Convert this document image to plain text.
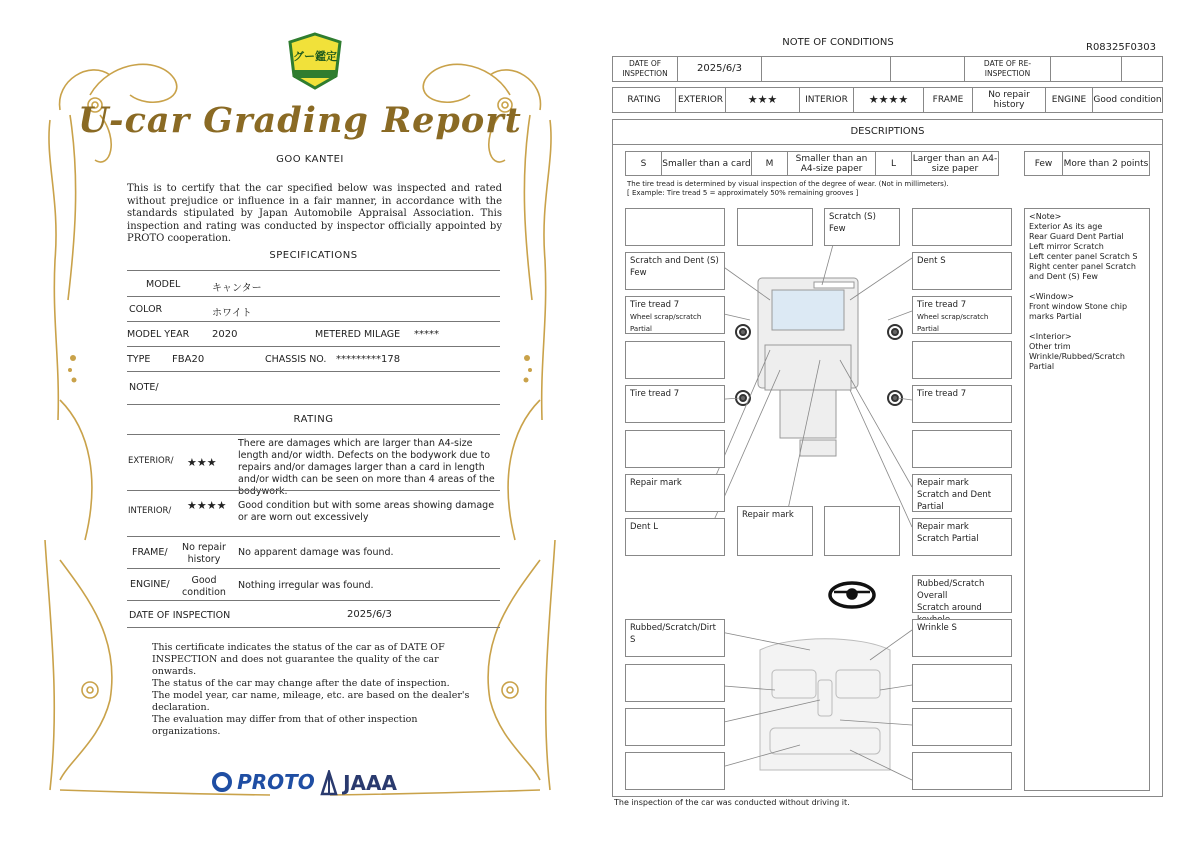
グー鑑定
U-car Grading Report
GOO KANTEI
This is to certify that the car specified below was inspected and rated without prejudice or influence in a fair manner, in accordance with the standards stipulated by Japan Automobile Appraisal Association. This inspection and rating was conducted by inspector officially appointed by PROTO cooperation.
SPECIFICATIONS
MODEL	キャンター
COLOR	ホワイト
MODEL YEAR 2020	METERED MILAGE *****
TYPE FBA20	CHASSIS NO. *********178
NOTE/
RATING
EXTERIOR/ ★★★
There are damages which are larger than A4-size length and/or width. Defects on the bodywork due to repairs and/or damages larger than a card in length and/or width can be seen on more than 4 areas of the bodywork.
INTERIOR/ ★★★★ Good condition but with some areas showing damage or are worn out excessively
FRAME/	No repair history
No apparent damage was found.
ENGINE/	Good condition
Nothing irregular was found.
DATE OF INSPECTION	2025/6/3
This certificate indicates the status of the car as of DATE OF INSPECTION and does not guarantee the quality of the car onwards.
The status of the car may change after the date of inspection.
The model year, car name, mileage, etc. are based on the dealer's declaration.
The evaluation may differ from that of other inspection organizations.
PROTO	JAAA
NOTE OF CONDITIONS	R08325F0303
DATE OF INSPECTION	2025/6/3	DATE OF RE-INSPECTION
RATING	EXTERIOR	★★★	INTERIOR	★★★★	FRAME	No repair history	ENGINE Good condition
DESCRIPTIONS
S	Smaller than a card	M	Smaller than an A4-size paper	L	Larger than an A4-size paper	Few	More than 2 points
The tire tread is determined by visual inspection of the degree of wear. (Not in millimeters).
[ Example: Tire tread 5 = approximately 50% remaining grooves ]
Scratch and Dent (S) Few
Tire tread 7
Wheel scrap/scratch Partial
Tire tread 7
Repair mark
Dent L
Scratch (S) Few
Repair mark
Dent S
Tire tread 7
Wheel scrap/scratch Partial
Tire tread 7
Repair mark
Scratch and Dent Partial
Repair mark
Scratch Partial
Rubbed/Scratch Overall
Scratch around
Rubbed/Scratch/Dirt S
Wrinkle S
<Note>
Exterior As its age
Rear Guard Dent Partial
Left mirror Scratch
Left center panel Scratch S
Right center panel Scratch and Dent (S) Few
<Window>
Front window Stone chip marks Partial
<Interior>
Other trim
Wrinkle/Rubbed/Scratch
Partial
The inspection of the car was conducted without driving it.
